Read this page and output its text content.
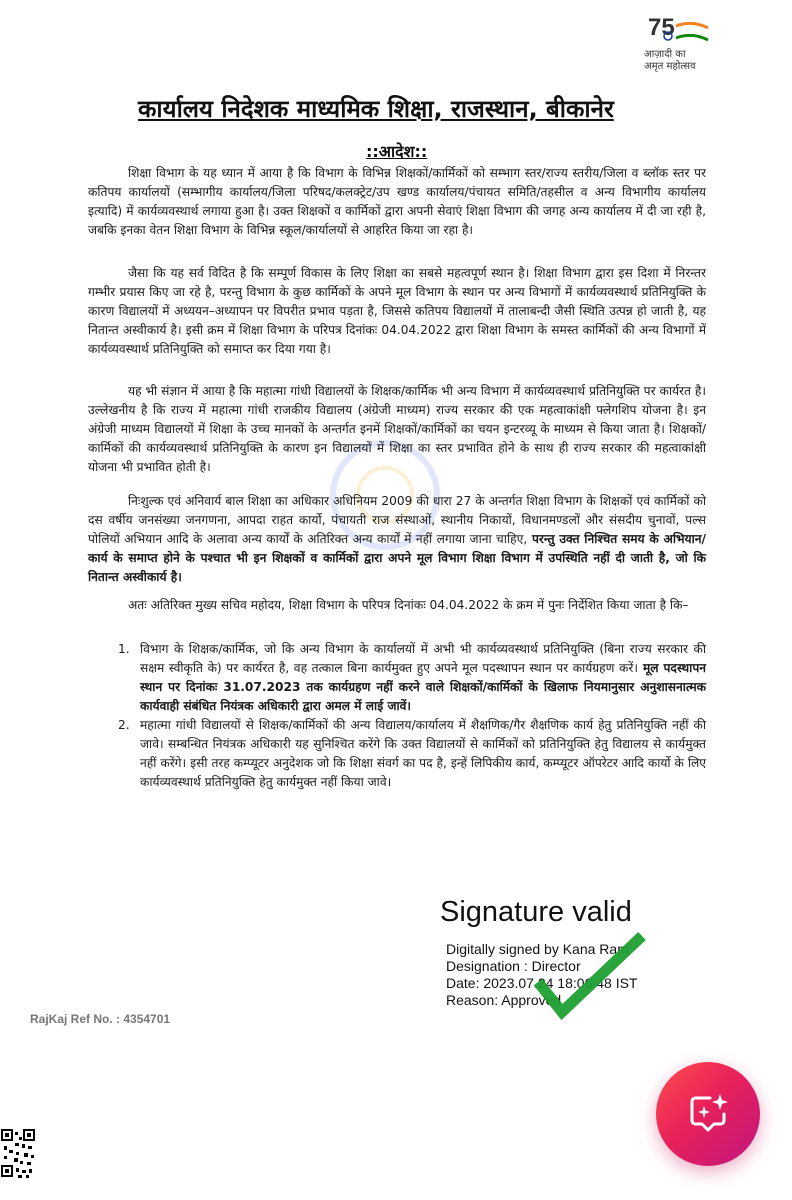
75
आज़ादी का
अमृत महोत्सव
कार्यालय निदेशक माध्यमिक शिक्षा, राजस्थान, बीकानेर
::आदेश::
शिक्षा विभाग के यह ध्यान में आया है कि विभाग के विभिन्न शिक्षकों/कार्मिकों को सम्भाग स्तर/राज्य स्तरीय/जिला व ब्लॉक स्तर पर कतिपय कार्यालयों (सम्भागीय कार्यालय/जिला परिषद/कलक्ट्रेट/उप खण्ड कार्यालय/पंचायत समिति/तहसील व अन्य विभागीय कार्यालय इत्यादि) में कार्यव्यवस्थार्थ लगाया हुआ है। उक्त शिक्षकों व कार्मिकों द्वारा अपनी सेवाएं शिक्षा विभाग की जगह अन्य कार्यालय में दी जा रही है, जबकि इनका वेतन शिक्षा विभाग के विभिन्न स्कूल/कार्यालयों से आहरित किया जा रहा है।
जैसा कि यह सर्व विदित है कि सम्पूर्ण विकास के लिए शिक्षा का सबसे महत्वपूर्ण स्थान है। शिक्षा विभाग द्वारा इस दिशा में निरन्तर गम्भीर प्रयास किए जा रहे है, परन्तु विभाग के कुछ कार्मिकों के अपने मूल विभाग के स्थान पर अन्य विभागों में कार्यव्यवस्थार्थ प्रतिनियुक्ति के कारण विद्यालयों में अध्ययन–अध्यापन पर विपरीत प्रभाव पड़ता है, जिससे कतिपय विद्यालयों में तालाबन्दी जैसी स्थिति उत्पन्न हो जाती है, यह नितान्त अस्वीकार्य है। इसी क्रम में शिक्षा विभाग के परिपत्र दिनांकः 04.04.2022 द्वारा शिक्षा विभाग के समस्त कार्मिकों की अन्य विभागों में कार्यव्यवस्थार्थ प्रतिनियुक्ति को समाप्त कर दिया गया है।
यह भी संज्ञान में आया है कि महात्मा गांधी विद्यालयों के शिक्षक/कार्मिक भी अन्य विभाग में कार्यव्यवस्थार्थ प्रतिनियुक्ति पर कार्यरत है। उल्लेखनीय है कि राज्य में महात्मा गांधी राजकीय विद्यालय (अंग्रेजी माध्यम) राज्य सरकार की एक महत्वाकांक्षी फ्लेगशिप योजना है। इन अंग्रेजी माध्यम विद्यालयों में शिक्षा के उच्च मानकों के अन्तर्गत इनमें शिक्षकों/कार्मिकों का चयन इन्टरव्यू के माध्यम से किया जाता है। शिक्षकों/कार्मिकों की कार्यव्यवस्थार्थ प्रतिनियुक्ति के कारण इन विद्यालयों में शिक्षा का स्तर प्रभावित होने के साथ ही राज्य सरकार की महत्वाकांक्षी योजना भी प्रभावित होती है।
निःशुल्क एवं अनिवार्य बाल शिक्षा का अधिकार अधिनियम 2009 की धारा 27 के अन्तर्गत शिक्षा विभाग के शिक्षकों एवं कार्मिकों को दस वर्षीय जनसंख्या जनगणना, आपदा राहत कार्यो, पंचायती राज संस्थाओं, स्थानीय निकायों, विधानमण्डलों और संसदीय चुनावों, पल्स पोलियों अभियान आदि के अलावा अन्य कार्यों के अतिरिक्त अन्य कार्यों में नहीं लगाया जाना चाहिए, परन्तु उक्त निश्चित समय के अभियान/कार्य के समाप्त होने के पश्चात भी इन शिक्षकों व कार्मिकों द्वारा अपने मूल विभाग शिक्षा विभाग में उपस्थिति नहीं दी जाती है, जो कि नितान्त अस्वीकार्य है।
अतः अतिरिक्त मुख्य सचिव महोदय, शिक्षा विभाग के परिपत्र दिनांकः 04.04.2022 के क्रम में पुनः निर्देशित किया जाता है कि–
1. विभाग के शिक्षक/कार्मिक, जो कि अन्य विभाग के कार्यालयों में अभी भी कार्यव्यवस्थार्थ प्रतिनियुक्ति (बिना राज्य सरकार की सक्षम स्वीकृति के) पर कार्यरत है, वह तत्काल बिना कार्यमुक्त हुए अपने मूल पदस्थापन स्थान पर कार्यग्रहण करें। मूल पदस्थापन स्थान पर दिनांकः 31.07.2023 तक कार्यग्रहण नहीं करने वाले शिक्षकों/कार्मिकों के खिलाफ नियमानुसार अनुशासनात्मक कार्यवाही संबंधित नियंत्रक अधिकारी द्वारा अमल में लाई जावें।
2. महात्मा गांधी विद्यालयों से शिक्षक/कार्मिकों की अन्य विद्यालय/कार्यालय में शैक्षणिक/गैर शैक्षणिक कार्य हेतु प्रतिनियुक्ति नहीं की जावे। सम्बन्धित नियंत्रक अधिकारी यह सुनिश्चित करेंगे कि उक्त विद्यालयों से कार्मिकों को प्रतिनियुक्ति हेतु विद्यालय से कार्यमुक्त नहीं करेंगे। इसी तरह कम्प्यूटर अनुदेशक जो कि शिक्षा संवर्ग का पद है, इन्हें लिपिकीय कार्य, कम्प्यूटर ऑपरेटर आदि कार्यो के लिए कार्यव्यवस्थार्थ प्रतिनियुक्ति हेतु कार्यमुक्त नहीं किया जावे।
Signature valid
Digitally signed by Kana Ram
Designation : Director
Date: 2023.07.24 18:06:48 IST
Reason: Approved
RajKaj Ref No. : 4354701
